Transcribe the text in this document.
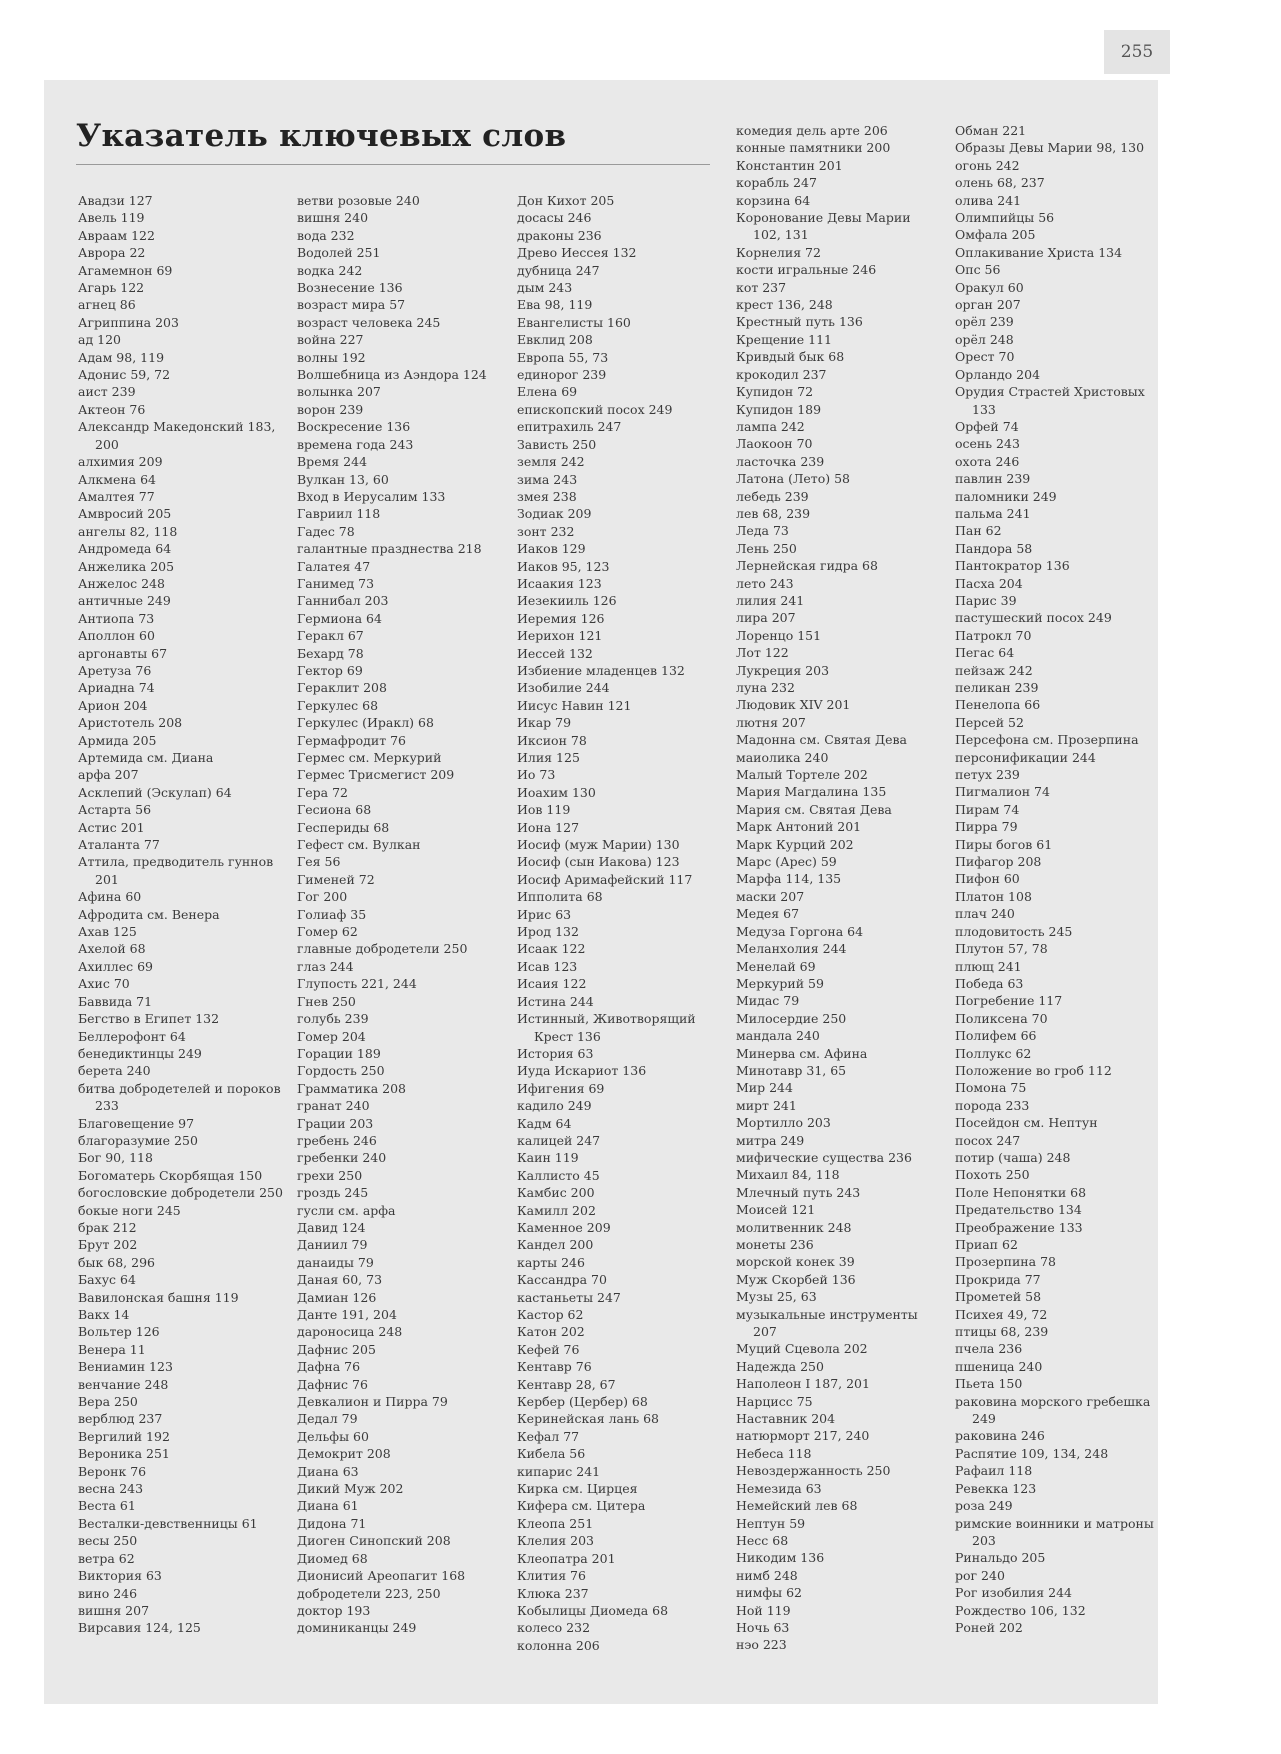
255
Указатель ключевых слов
Авадзи 127
Авель 119
Авраам 122
Аврора 22
Агамемнон 69
Агарь 122
агнец 86
Агриппина 203
ад 120
Адам 98, 119
Адонис 59, 72
аист 239
Актеон 76
Александр Македонский 183, 200
алхимия 209
Алкмена 64
Амалтея 77
Амвросий 205
ангелы 82, 118
Андромеда 64
Анжелика 205
Анжелос 248
античные 249
Антиопа 73
Аполлон 60
аргонавты 67
Аретуза 76
Ариадна 74
Арион 204
Аристотель 208
Армида 205
Артемида см. Диана
арфа 207
Асклепий (Эскулап) 64
Астарта 56
Астис 201
Аталанта 77
Аттила, предводитель гуннов 201
Афина 60
Афродита см. Венера
Ахав 125
Ахелой 68
Ахиллес 69
Ахис 70
Баввида 71
Бегство в Египет 132
Беллерофонт 64
бенедиктинцы 249
берета 240
битва добродетелей и пороков 233
Благовещение 97
благоразумие 250
Бог 90, 118
Богоматерь Скорбящая 150
богословские добродетели 250
бокые ноги 245
брак 212
Брут 202
бык 68, 296
Бахус 64
Вавилонская башня 119
Вакх 14
Вольтер 126
Венера 11
Вениамин 123
венчание 248
Вера 250
верблюд 237
Вергилий 192
Вероника 251
Веронк 76
весна 243
Веста 61
Весталки-девственницы 61
весы 250
ветра 62
Виктория 63
вино 246
вишня 207
Вирсавия 124, 125
ветви розовые 240
вишня 240
вода 232
Водолей 251
водка 242
Вознесение 136
возраст мира 57
возраст человека 245
война 227
волны 192
Волшебница из Аэндора 124
волынка 207
ворон 239
Воскресение 136
времена года 243
Время 244
Вулкан 13, 60
Вход в Иерусалим 133
Гавриил 118
Гадес 78
галантные празднества 218
Галатея 47
Ганимед 73
Ганнибал 203
Гермиона 64
Геракл 67
Бехард 78
Гектор 69
Гераклит 208
Геркулес 68
Геркулес (Иракл) 68
Гермафродит 76
Гермес см. Меркурий
Гермес Трисмегист 209
Гера 72
Гесиона 68
Геспериды 68
Гефест см. Вулкан
Гея 56
Гименей 72
Гог 200
Голиаф 35
Гомер 62
главные добродетели 250
глаз 244
Глупость 221, 244
Гнев 250
голубь 239
Гомер 204
Горации 189
Гордость 250
Грамматика 208
гранат 240
Грации 203
гребень 246
гребенки 240
грехи 250
гроздь 245
гусли см. арфа
Давид 124
Даниил 79
данаиды 79
Даная 60, 73
Дамиан 126
Данте 191, 204
дароносица 248
Дафнис 205
Дафна 76
Дафнис 76
Девкалион и Пирра 79
Дедал 79
Дельфы 60
Демокрит 208
Диана 63
Дикий Муж 202
Диана 61
Дидона 71
Диоген Синопский 208
Диомед 68
Дионисий Ареопагит 168
добродетели 223, 250
доктор 193
доминиканцы 249
Дон Кихот 205
досасы 246
драконы 236
Древо Иессея 132
дубница 247
дым 243
Ева 98, 119
Евангелисты 160
Евклид 208
Европа 55, 73
единорог 239
Елена 69
епископский посох 249
епитрахиль 247
Зависть 250
земля 242
зима 243
змея 238
Зодиак 209
зонт 232
Иаков 129
Иаков 95, 123
Исаакия 123
Иезекииль 126
Иеремия 126
Иерихон 121
Иессей 132
Избиение младенцев 132
Изобилие 244
Иисус Навин 121
Икар 79
Иксион 78
Илия 125
Ио 73
Иоахим 130
Иов 119
Иона 127
Иосиф (муж Марии) 130
Иосиф (сын Иакова) 123
Иосиф Аримафейский 117
Ипполита 68
Ирис 63
Ирод 132
Исаак 122
Исав 123
Исаия 122
Истина 244
Истинный, Животворящий Крест 136
История 63
Иуда Искариот 136
Ифигения 69
кадило 249
Кадм 64
калицей 247
Каин 119
Каллисто 45
Камбис 200
Камилл 202
Каменное 209
Кандел 200
карты 246
Кассандра 70
кастаньеты 247
Кастор 62
Катон 202
Кефей 76
Кентавр 76
Кентавр 28, 67
Кербер (Цербер) 68
Керинейская лань 68
Кефал 77
Кибела 56
кипарис 241
Кирка см. Цирцея
Кифера см. Цитера
Клеопа 251
Клелия 203
Клеопатра 201
Клития 76
Клюка 237
Кобылицы Диомеда 68
колесо 232
колонна 206
комедия дель арте 206
конные памятники 200
Константин 201
корабль 247
корзина 64
Коронование Девы Марии 102, 131
Корнелия 72
кости игральные 246
кот 237
крест 136, 248
Крестный путь 136
Крещение 111
Кривдый бык 68
крокодил 237
Купидон 72
Купидон 189
лампа 242
Лаокоон 70
ласточка 239
Латона (Лето) 58
лебедь 239
лев 68, 239
Леда 73
Лень 250
Лернейская гидра 68
лето 243
лилия 241
лира 207
Лоренцо 151
Лот 122
Лукреция 203
луна 232
Людовик XIV 201
лютня 207
Мадонна см. Святая Дева
маиолика 240
Малый Тортеле 202
Мария Магдалина 135
Мария см. Святая Дева
Марк Антоний 201
Марк Курций 202
Марс (Арес) 59
Марфа 114, 135
маски 207
Медея 67
Медуза Горгона 64
Меланхолия 244
Менелай 69
Меркурий 59
Мидас 79
Милосердие 250
мандала 240
Минерва см. Афина
Минотавр 31, 65
Мир 244
мирт 241
Мортилло 203
митра 249
мифические существа 236
Михаил 84, 118
Млечный путь 243
Моисей 121
молитвенник 248
монеты 236
морской конек 39
Муж Скорбей 136
Музы 25, 63
музыкальные инструменты 207
Муций Сцевола 202
Надежда 250
Наполеон I 187, 201
Нарцисс 75
Наставник 204
натюрморт 217, 240
Небеса 118
Невоздержанность 250
Немезида 63
Немейский лев 68
Нептун 59
Несс 68
Никодим 136
нимб 248
нимфы 62
Ной 119
Ночь 63
нэо 223
Обман 221
Образы Девы Марии 98, 130
огонь 242
олень 68, 237
олива 241
Олимпийцы 56
Омфала 205
Оплакивание Христа 134
Опс 56
Оракул 60
орган 207
орёл 239
орёл 248
Орест 70
Орландо 204
Орудия Страстей Христовых 133
Орфей 74
осень 243
охота 246
павлин 239
паломники 249
пальма 241
Пан 62
Пандора 58
Пантократор 136
Пасха 204
Парис 39
пастушеский посох 249
Патрокл 70
Пегас 64
пейзаж 242
пеликан 239
Пенелопа 66
Персей 52
Персефона см. Прозерпина
персонификации 244
петух 239
Пигмалион 74
Пирам 74
Пирра 79
Пиры богов 61
Пифагор 208
Пифон 60
Платон 108
плач 240
плодовитость 245
Плутон 57, 78
плющ 241
Победа 63
Погребение 117
Поликсена 70
Полифем 66
Поллукс 62
Положение во гроб 112
Помона 75
порода 233
Посейдон см. Нептун
посох 247
потир (чаша) 248
Похоть 250
Поле Непонятки 68
Предательство 134
Преображение 133
Приап 62
Прозерпина 78
Прокрида 77
Прометей 58
Психея 49, 72
птицы 68, 239
пчела 236
пшеница 240
Пьета 150
раковина морского гребешка 249
раковина 246
Распятие 109, 134, 248
Рафаил 118
Ревекка 123
роза 249
римские воинники и матроны 203
Ринальдо 205
рог 240
Рог изобилия 244
Рождество 106, 132
Роней 202
